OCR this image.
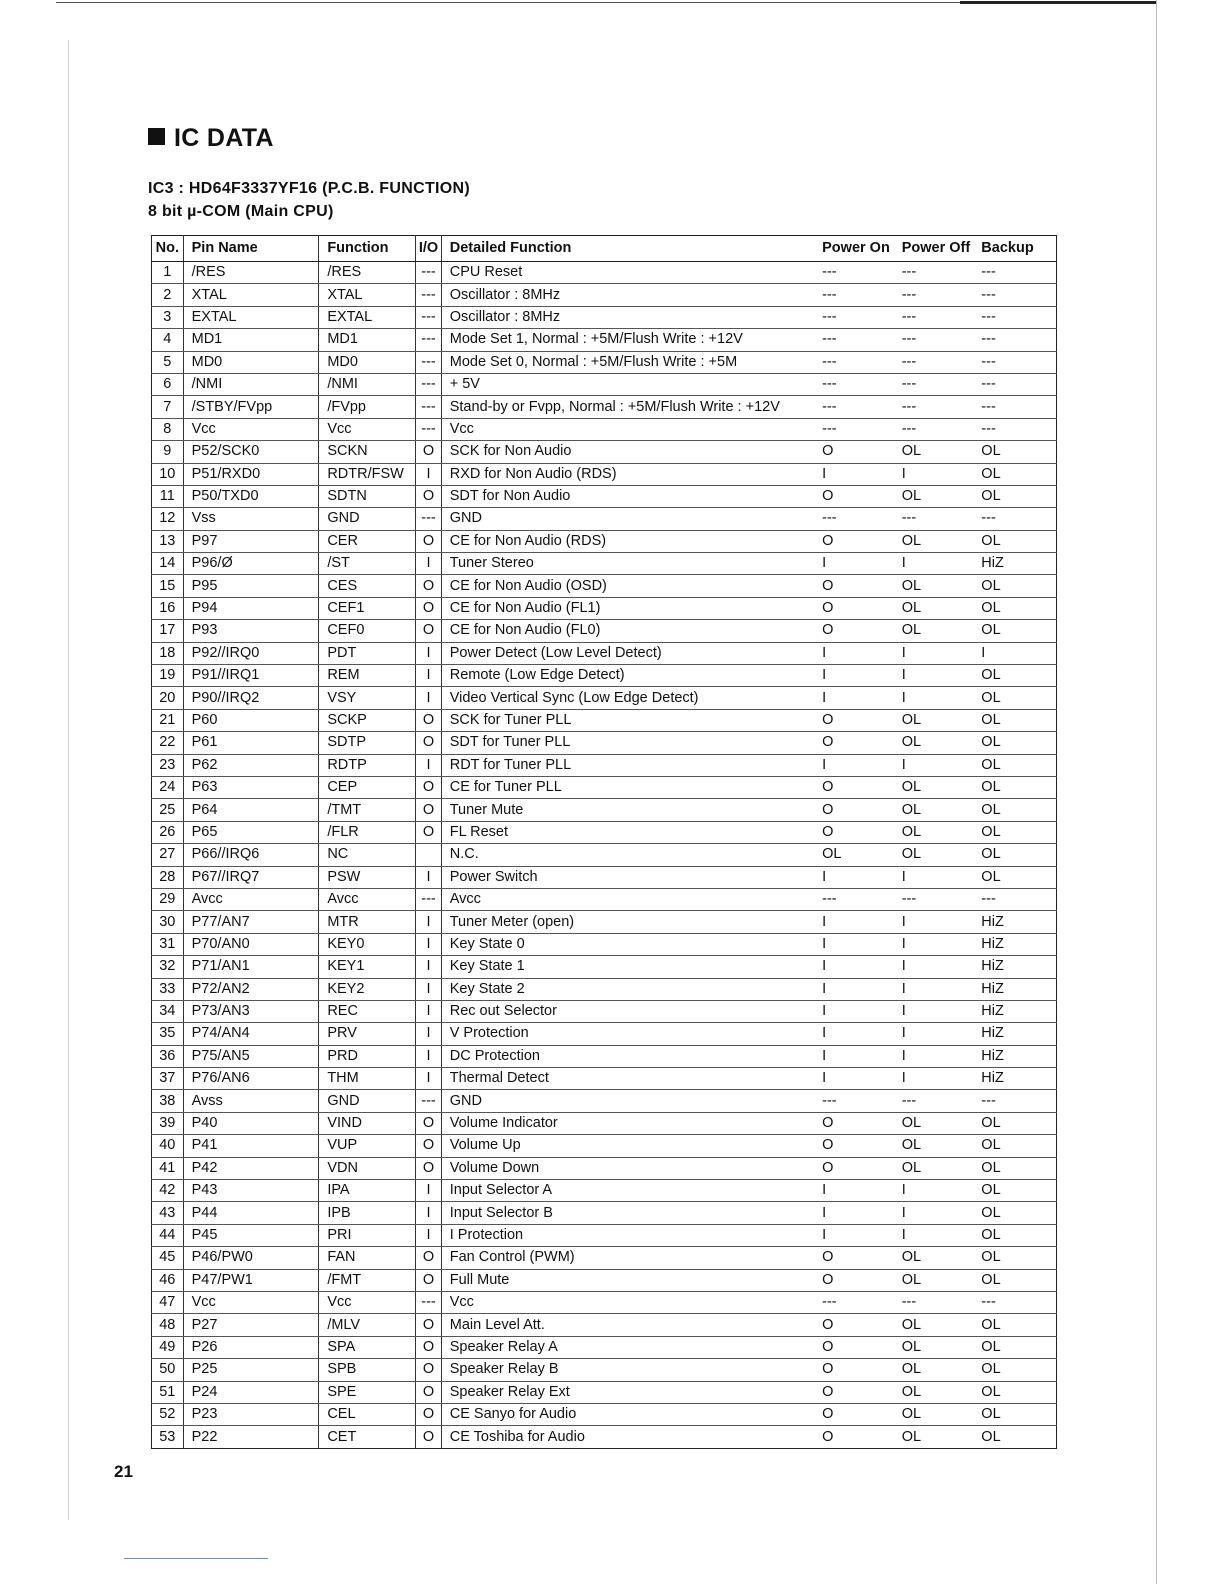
IC DATA
IC3 : HD64F3337YF16 (P.C.B. FUNCTION)
8 bit µ-COM (Main CPU)
No.	Pin Name	Function	I/O	Detailed Function	Power On	Power Off	Backup
1	/RES	/RES	---	CPU Reset	---	---	---
2	XTAL	XTAL	---	Oscillator : 8MHz	---	---	---
3	EXTAL	EXTAL	---	Oscillator : 8MHz	---	---	---
4	MD1	MD1	---	Mode Set 1, Normal : +5M/Flush Write : +12V	---	---	---
5	MD0	MD0	---	Mode Set 0, Normal : +5M/Flush Write : +5M	---	---	---
6	/NMI	/NMI	---	+ 5V	---	---	---
7	/STBY/FVpp	/FVpp	---	Stand-by or Fvpp, Normal : +5M/Flush Write : +12V	---	---	---
8	Vcc	Vcc	---	Vcc	---	---	---
9	P52/SCK0	SCKN	O	SCK for Non Audio	O	OL	OL
10	P51/RXD0	RDTR/FSW	I	RXD for Non Audio (RDS)	I	I	OL
11	P50/TXD0	SDTN	O	SDT for Non Audio	O	OL	OL
12	Vss	GND	---	GND	---	---	---
13	P97	CER	O	CE for Non Audio (RDS)	O	OL	OL
14	P96/Ø	/ST	I	Tuner Stereo	I	I	HiZ
15	P95	CES	O	CE for Non Audio (OSD)	O	OL	OL
16	P94	CEF1	O	CE for Non Audio (FL1)	O	OL	OL
17	P93	CEF0	O	CE for Non Audio (FL0)	O	OL	OL
18	P92//IRQ0	PDT	I	Power Detect (Low Level Detect)	I	I	I
19	P91//IRQ1	REM	I	Remote (Low Edge Detect)	I	I	OL
20	P90//IRQ2	VSY	I	Video Vertical Sync (Low Edge Detect)	I	I	OL
21	P60	SCKP	O	SCK for Tuner PLL	O	OL	OL
22	P61	SDTP	O	SDT for Tuner PLL	O	OL	OL
23	P62	RDTP	I	RDT for Tuner PLL	I	I	OL
24	P63	CEP	O	CE for Tuner PLL	O	OL	OL
25	P64	/TMT	O	Tuner Mute	O	OL	OL
26	P65	/FLR	O	FL Reset	O	OL	OL
27	P66//IRQ6	NC		N.C.	OL	OL	OL
28	P67//IRQ7	PSW	I	Power Switch	I	I	OL
29	Avcc	Avcc	---	Avcc	---	---	---
30	P77/AN7	MTR	I	Tuner Meter (open)	I	I	HiZ
31	P70/AN0	KEY0	I	Key State 0	I	I	HiZ
32	P71/AN1	KEY1	I	Key State 1	I	I	HiZ
33	P72/AN2	KEY2	I	Key State 2	I	I	HiZ
34	P73/AN3	REC	I	Rec out Selector	I	I	HiZ
35	P74/AN4	PRV	I	V Protection	I	I	HiZ
36	P75/AN5	PRD	I	DC Protection	I	I	HiZ
37	P76/AN6	THM	I	Thermal Detect	I	I	HiZ
38	Avss	GND	---	GND	---	---	---
39	P40	VIND	O	Volume Indicator	O	OL	OL
40	P41	VUP	O	Volume Up	O	OL	OL
41	P42	VDN	O	Volume Down	O	OL	OL
42	P43	IPA	I	Input Selector A	I	I	OL
43	P44	IPB	I	Input Selector B	I	I	OL
44	P45	PRI	I	I Protection	I	I	OL
45	P46/PW0	FAN	O	Fan Control (PWM)	O	OL	OL
46	P47/PW1	/FMT	O	Full Mute	O	OL	OL
47	Vcc	Vcc	---	Vcc	---	---	---
48	P27	/MLV	O	Main Level Att.	O	OL	OL
49	P26	SPA	O	Speaker Relay A	O	OL	OL
50	P25	SPB	O	Speaker Relay B	O	OL	OL
51	P24	SPE	O	Speaker Relay Ext	O	OL	OL
52	P23	CEL	O	CE Sanyo for Audio	O	OL	OL
53	P22	CET	O	CE Toshiba for Audio	O	OL	OL
21
